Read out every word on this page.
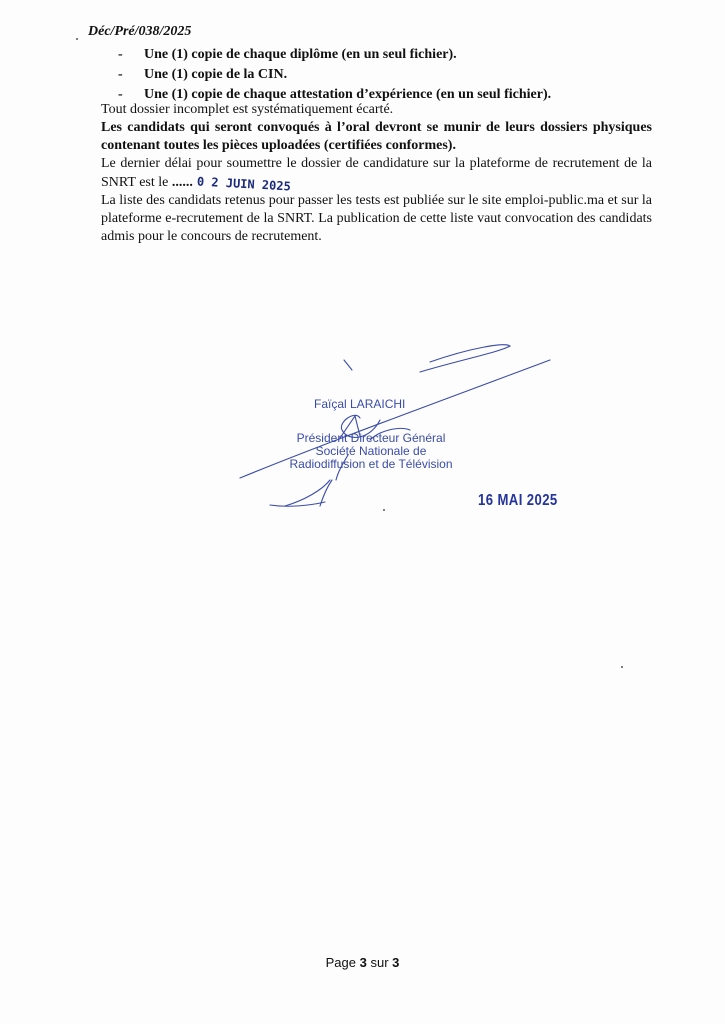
Déc/Pré/038/2025
- Une (1) copie de chaque diplôme (en un seul fichier).
- Une (1) copie de la CIN.
- Une (1) copie de chaque attestation d’expérience (en un seul fichier).

Tout dossier incomplet est systématiquement écarté.

Les candidats qui seront convoqués à l’oral devront se munir de leurs dossiers physiques contenant toutes les pièces uploadées (certifiées conformes).

Le dernier délai pour soumettre le dossier de candidature sur la plateforme de recrutement de la SNRT est le ...... 0 2 JUIN 2025

La liste des candidats retenus pour passer les tests est publiée sur le site emploi-public.ma et sur la plateforme e-recrutement de la SNRT. La publication de cette liste vaut convocation des candidats admis pour le concours de recrutement.

Faïçal LARAICHI
Président Directeur Général
Société Nationale de
Radiodiffusion et de Télévision
16 MAI 2025
Page 3 sur 3
